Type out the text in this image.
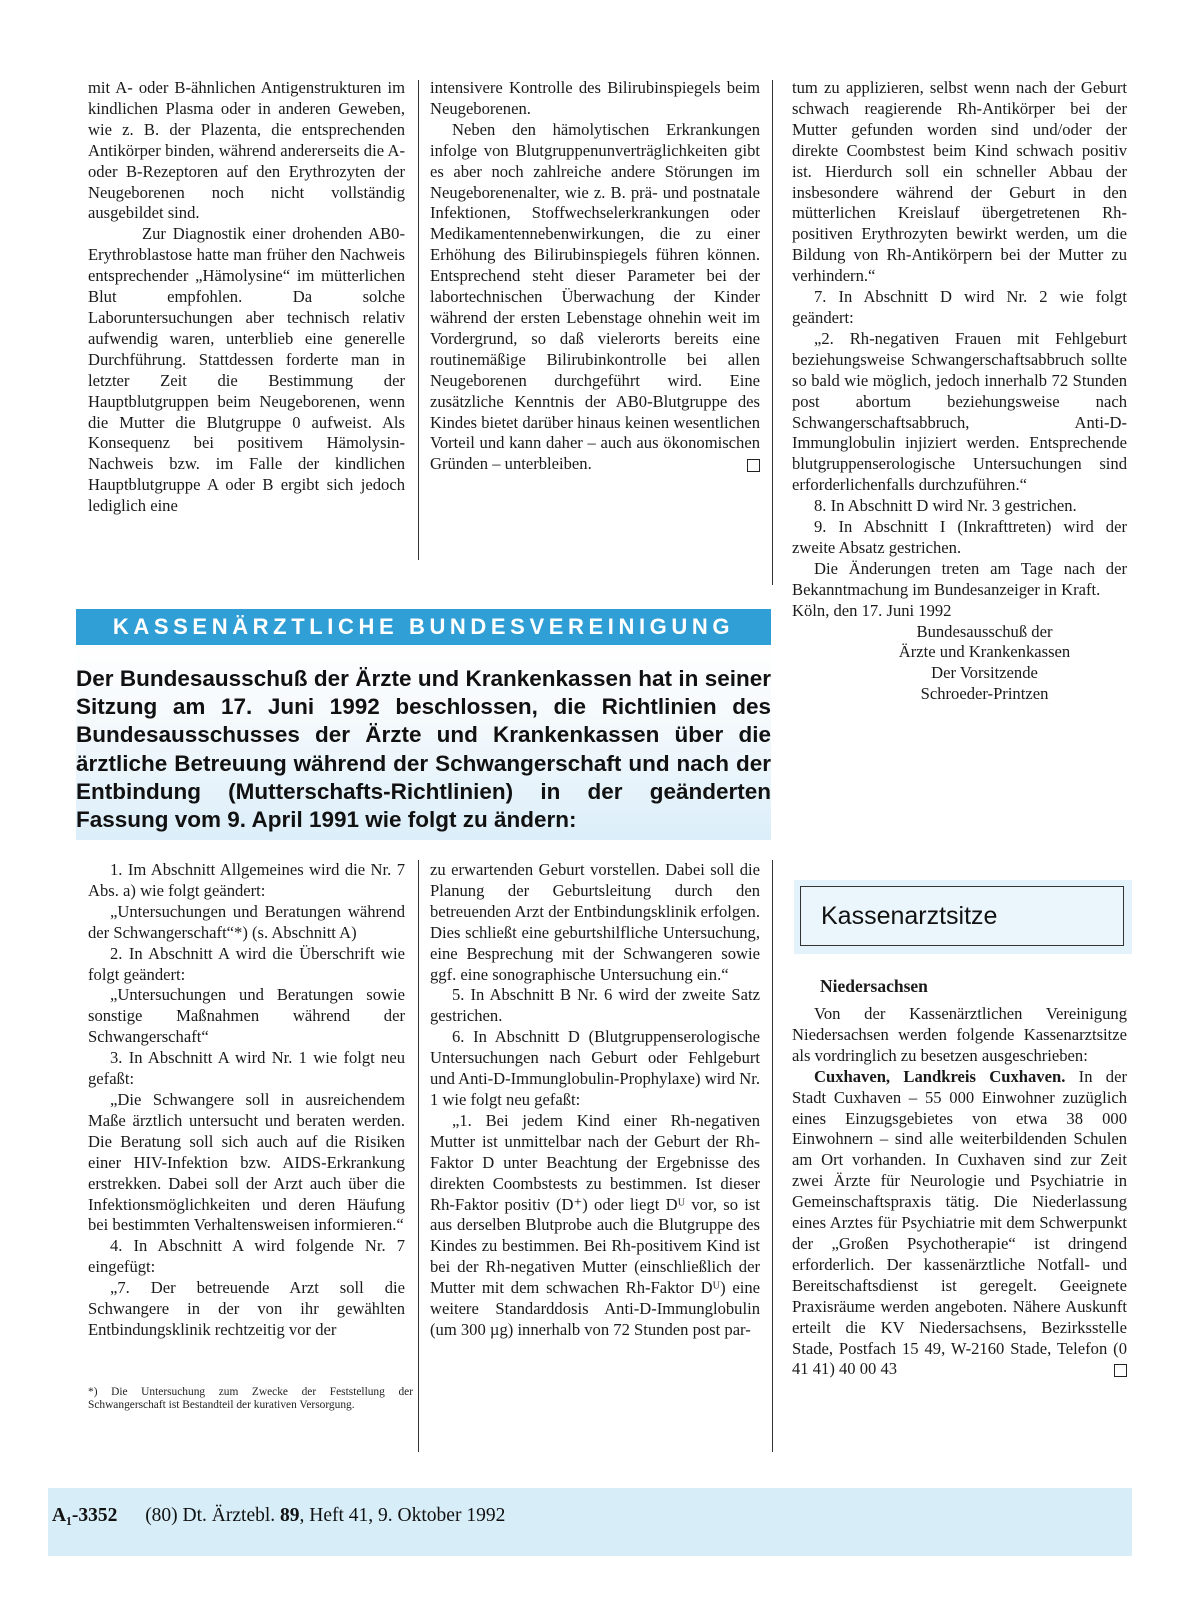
mit A- oder B-ähnlichen Antigenstrukturen im kindlichen Plasma oder in anderen Geweben, wie z. B. der Plazenta, die entsprechenden Antikörper binden, während andererseits die A- oder B-Rezeptoren auf den Erythrozyten der Neugeborenen noch nicht vollständig ausgebildet sind.

Zur Diagnostik einer drohenden AB0-Erythroblastose hatte man früher den Nachweis entsprechender „Hämolysine“ im mütterlichen Blut empfohlen. Da solche Laboruntersuchungen aber technisch relativ aufwendig waren, unterblieb eine generelle Durchführung. Stattdessen forderte man in letzter Zeit die Bestimmung der Hauptblutgruppen beim Neugeborenen, wenn die Mutter die Blutgruppe 0 aufweist. Als Konsequenz bei positivem Hämolysin-Nachweis bzw. im Falle der kindlichen Hauptblutgruppe A oder B ergibt sich jedoch lediglich eine

intensivere Kontrolle des Bilirubinspiegels beim Neugeborenen.

Neben den hämolytischen Erkrankungen infolge von Blutgruppenunverträglichkeiten gibt es aber noch zahlreiche andere Störungen im Neugeborenenalter, wie z. B. prä- und postnatale Infektionen, Stoffwechselerkrankungen oder Medikamentennebenwirkungen, die zu einer Erhöhung des Bilirubinspiegels führen können. Entsprechend steht dieser Parameter bei der labortechnischen Überwachung der Kinder während der ersten Lebenstage ohnehin weit im Vordergrund, so daß vielerorts bereits eine routinemäßige Bilirubinkontrolle bei allen Neugeborenen durchgeführt wird. Eine zusätzliche Kenntnis der AB0-Blutgruppe des Kindes bietet darüber hinaus keinen wesentlichen Vorteil und kann daher – auch aus ökonomischen Gründen – unterbleiben.

KASSENÄRZTLICHE BUNDESVEREINIGUNG
Der Bundesausschuß der Ärzte und Krankenkassen hat in seiner Sitzung am 17. Juni 1992 beschlossen, die Richtlinien des Bundesausschusses der Ärzte und Krankenkassen über die ärztliche Betreuung während der Schwangerschaft und nach der Entbindung (Mutterschafts-Richtlinien) in der geänderten Fassung vom 9. April 1991 wie folgt zu ändern:

1. Im Abschnitt Allgemeines wird die Nr. 7 Abs. a) wie folgt geändert:

„Untersuchungen und Beratungen während der Schwangerschaft“*) (s. Abschnitt A)

2. In Abschnitt A wird die Überschrift wie folgt geändert:

„Untersuchungen und Beratungen sowie sonstige Maßnahmen während der Schwangerschaft“

3. In Abschnitt A wird Nr. 1 wie folgt neu gefaßt:

„Die Schwangere soll in ausreichendem Maße ärztlich untersucht und beraten werden. Die Beratung soll sich auch auf die Risiken einer HIV-Infektion bzw. AIDS-Erkrankung erstrekken. Dabei soll der Arzt auch über die Infektionsmöglichkeiten und deren Häufung bei bestimmten Verhaltensweisen informieren.“

4. In Abschnitt A wird folgende Nr. 7 eingefügt:

„7. Der betreuende Arzt soll die Schwangere in der von ihr gewählten Entbindungsklinik rechtzeitig vor der

*) Die Untersuchung zum Zwecke der Feststellung der Schwangerschaft ist Bestandteil der kurativen Versorgung.

zu erwartenden Geburt vorstellen. Dabei soll die Planung der Geburtsleitung durch den betreuenden Arzt der Entbindungsklinik erfolgen. Dies schließt eine geburtshilfliche Untersuchung, eine Besprechung mit der Schwangeren sowie ggf. eine sonographische Untersuchung ein.“

5. In Abschnitt B Nr. 6 wird der zweite Satz gestrichen.

6. In Abschnitt D (Blutgruppenserologische Untersuchungen nach Geburt oder Fehlgeburt und Anti-D-Immunglobulin-Prophylaxe) wird Nr. 1 wie folgt neu gefaßt:

„1. Bei jedem Kind einer Rh-negativen Mutter ist unmittelbar nach der Geburt der Rh-Faktor D unter Beachtung der Ergebnisse des direkten Coombstests zu bestimmen. Ist dieser Rh-Faktor positiv (D⁺) oder liegt Dᵁ vor, so ist aus derselben Blutprobe auch die Blutgruppe des Kindes zu bestimmen. Bei Rh-positivem Kind ist bei der Rh-negativen Mutter (einschließlich der Mutter mit dem schwachen Rh-Faktor Dᵁ) eine weitere Standarddosis Anti-D-Immunglobulin (um 300 µg) innerhalb von 72 Stunden post par-

tum zu applizieren, selbst wenn nach der Geburt schwach reagierende Rh-Antikörper bei der Mutter gefunden worden sind und/oder der direkte Coombstest beim Kind schwach positiv ist. Hierdurch soll ein schneller Abbau der insbesondere während der Geburt in den mütterlichen Kreislauf übergetretenen Rh-positiven Erythrozyten bewirkt werden, um die Bildung von Rh-Antikörpern bei der Mutter zu verhindern.“

7. In Abschnitt D wird Nr. 2 wie folgt geändert:

„2. Rh-negativen Frauen mit Fehlgeburt beziehungsweise Schwangerschaftsabbruch sollte so bald wie möglich, jedoch innerhalb 72 Stunden post abortum beziehungsweise nach Schwangerschaftsabbruch, Anti-D-Immunglobulin injiziert werden. Entsprechende blutgruppenserologische Untersuchungen sind erforderlichenfalls durchzuführen.“

8. In Abschnitt D wird Nr. 3 gestrichen.

9. In Abschnitt I (Inkrafttreten) wird der zweite Absatz gestrichen.

Die Änderungen treten am Tage nach der Bekanntmachung im Bundesanzeiger in Kraft.

Köln, den 17. Juni 1992

Bundesausschuß der
Ärzte und Krankenkassen
Der Vorsitzende
Schroeder-Printzen
Kassenarztsitze
Niedersachsen

Von der Kassenärztlichen Vereinigung Niedersachsen werden folgende Kassenarztsitze als vordringlich zu besetzen ausgeschrieben:

Cuxhaven, Landkreis Cuxhaven. In der Stadt Cuxhaven – 55 000 Einwohner zuzüglich eines Einzugsgebietes von etwa 38 000 Einwohnern – sind alle weiterbildenden Schulen am Ort vorhanden. In Cuxhaven sind zur Zeit zwei Ärzte für Neurologie und Psychiatrie in Gemeinschaftspraxis tätig. Die Niederlassung eines Arztes für Psychiatrie mit dem Schwerpunkt der „Großen Psychotherapie“ ist dringend erforderlich. Der kassenärztliche Notfall- und Bereitschaftsdienst ist geregelt. Geeignete Praxisräume werden angeboten. Nähere Auskunft erteilt die KV Niedersachsens, Bezirksstelle Stade, Postfach 15 49, W-2160 Stade, Telefon (0 41 41) 40 00 43

A₁-3352 (80) Dt. Ärztebl. 89, Heft 41, 9. Oktober 1992
